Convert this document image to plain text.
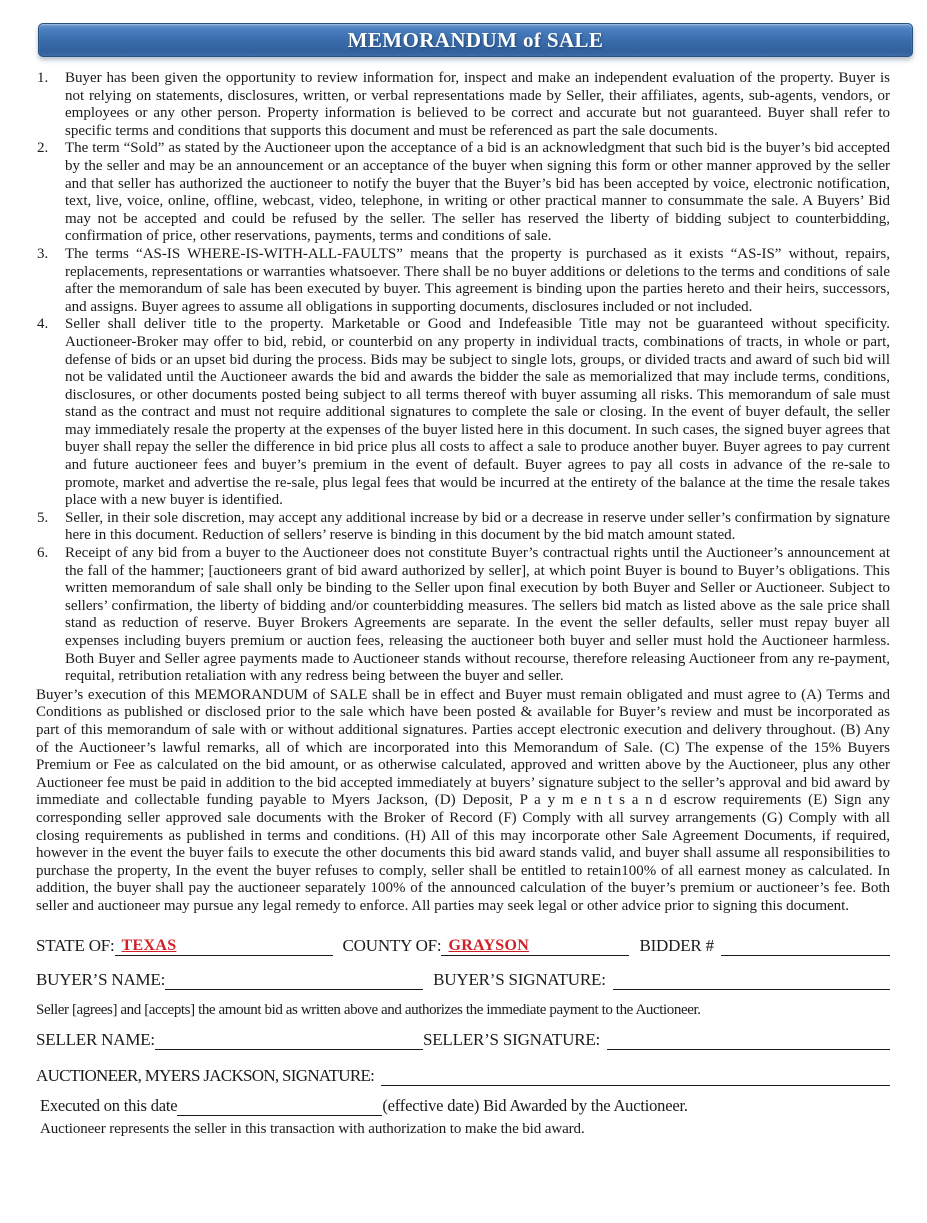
MEMORANDUM of SALE
1. Buyer has been given the opportunity to review information for, inspect and make an independent evaluation of the property. Buyer is not relying on statements, disclosures, written, or verbal representations made by Seller, their affiliates, agents, sub-agents, vendors, or employees or any other person. Property information is believed to be correct and accurate but not guaranteed. Buyer shall refer to specific terms and conditions that supports this document and must be referenced as part the sale documents.
2. The term “Sold” as stated by the Auctioneer upon the acceptance of a bid is an acknowledgment that such bid is the buyer’s bid accepted by the seller and may be an announcement or an acceptance of the buyer when signing this form or other manner approved by the seller and that seller has authorized the auctioneer to notify the buyer that the Buyer’s bid has been accepted by voice, electronic notification, text, live, voice, online, offline, webcast, video, telephone, in writing or other practical manner to consummate the sale. A Buyers’ Bid may not be accepted and could be refused by the seller. The seller has reserved the liberty of bidding subject to counterbidding, confirmation of price, other reservations, payments, terms and conditions of sale.
3. The terms “AS-IS WHERE-IS-WITH-ALL-FAULTS” means that the property is purchased as it exists “AS-IS” without, repairs, replacements, representations or warranties whatsoever. There shall be no buyer additions or deletions to the terms and conditions of sale after the memorandum of sale has been executed by buyer. This agreement is binding upon the parties hereto and their heirs, successors, and assigns. Buyer agrees to assume all obligations in supporting documents, disclosures included or not included.
4. Seller shall deliver title to the property. Marketable or Good and Indefeasible Title may not be guaranteed without specificity. Auctioneer-Broker may offer to bid, rebid, or counterbid on any property in individual tracts, combinations of tracts, in whole or part, defense of bids or an upset bid during the process. Bids may be subject to single lots, groups, or divided tracts and award of such bid will not be validated until the Auctioneer awards the bid and awards the bidder the sale as memorialized that may include terms, conditions, disclosures, or other documents posted being subject to all terms thereof with buyer assuming all risks. This memorandum of sale must stand as the contract and must not require additional signatures to complete the sale or closing. In the event of buyer default, the seller may immediately resale the property at the expenses of the buyer listed here in this document. In such cases, the signed buyer agrees that buyer shall repay the seller the difference in bid price plus all costs to affect a sale to produce another buyer. Buyer agrees to pay current and future auctioneer fees and buyer’s premium in the event of default. Buyer agrees to pay all costs in advance of the re-sale to promote, market and advertise the re-sale, plus legal fees that would be incurred at the entirety of the balance at the time the resale takes place with a new buyer is identified.
5. Seller, in their sole discretion, may accept any additional increase by bid or a decrease in reserve under seller’s confirmation by signature here in this document. Reduction of sellers’ reserve is binding in this document by the bid match amount stated.
6. Receipt of any bid from a buyer to the Auctioneer does not constitute Buyer’s contractual rights until the Auctioneer’s announcement at the fall of the hammer; [auctioneers grant of bid award authorized by seller], at which point Buyer is bound to Buyer’s obligations. This written memorandum of sale shall only be binding to the Seller upon final execution by both Buyer and Seller or Auctioneer. Subject to sellers’ confirmation, the liberty of bidding and/or counterbidding measures. The sellers bid match as listed above as the sale price shall stand as reduction of reserve. Buyer Brokers Agreements are separate. In the event the seller defaults, seller must repay buyer all expenses including buyers premium or auction fees, releasing the auctioneer both buyer and seller must hold the Auctioneer harmless. Both Buyer and Seller agree payments made to Auctioneer stands without recourse, therefore releasing Auctioneer from any re-payment, requital, retribution retaliation with any redress being between the buyer and seller.
Buyer’s execution of this MEMORANDUM of SALE shall be in effect and Buyer must remain obligated and must agree to (A) Terms and Conditions as published or disclosed prior to the sale which have been posted & available for Buyer’s review and must be incorporated as part of this memorandum of sale with or without additional signatures. Parties accept electronic execution and delivery throughout. (B) Any of the Auctioneer’s lawful remarks, all of which are incorporated into this Memorandum of Sale. (C) The expense of the 15% Buyers Premium or Fee as calculated on the bid amount, or as otherwise calculated, approved and written above by the Auctioneer, plus any other Auctioneer fee must be paid in addition to the bid accepted immediately at buyers’ signature subject to the seller’s approval and bid award by immediate and collectable funding payable to Myers Jackson, (D) Deposit, P a y m e n t s a n d escrow requirements (E) Sign any corresponding seller approved sale documents with the Broker of Record (F) Comply with all survey arrangements (G) Comply with all closing requirements as published in terms and conditions. (H) All of this may incorporate other Sale Agreement Documents, if required, however in the event the buyer fails to execute the other documents this bid award stands valid, and buyer shall assume all responsibilities to purchase the property, In the event the buyer refuses to comply, seller shall be entitled to retain100% of all earnest money as calculated. In addition, the buyer shall pay the auctioneer separately 100% of the announced calculation of the buyer’s premium or auctioneer’s fee. Both seller and auctioneer may pursue any legal remedy to enforce. All parties may seek legal or other advice prior to signing this document.
STATE OF: TEXAS	COUNTY OF: GRAYSON	BIDDER #
BUYER’S NAME:	BUYER’S SIGNATURE:
Seller [agrees] and [accepts] the amount bid as written above and authorizes the immediate payment to the Auctioneer.
SELLER NAME:	SELLER’S SIGNATURE:
AUCTIONEER, MYERS JACKSON, SIGNATURE:
Executed on this date	(effective date) Bid Awarded by the Auctioneer.
Auctioneer represents the seller in this transaction with authorization to make the bid award.
